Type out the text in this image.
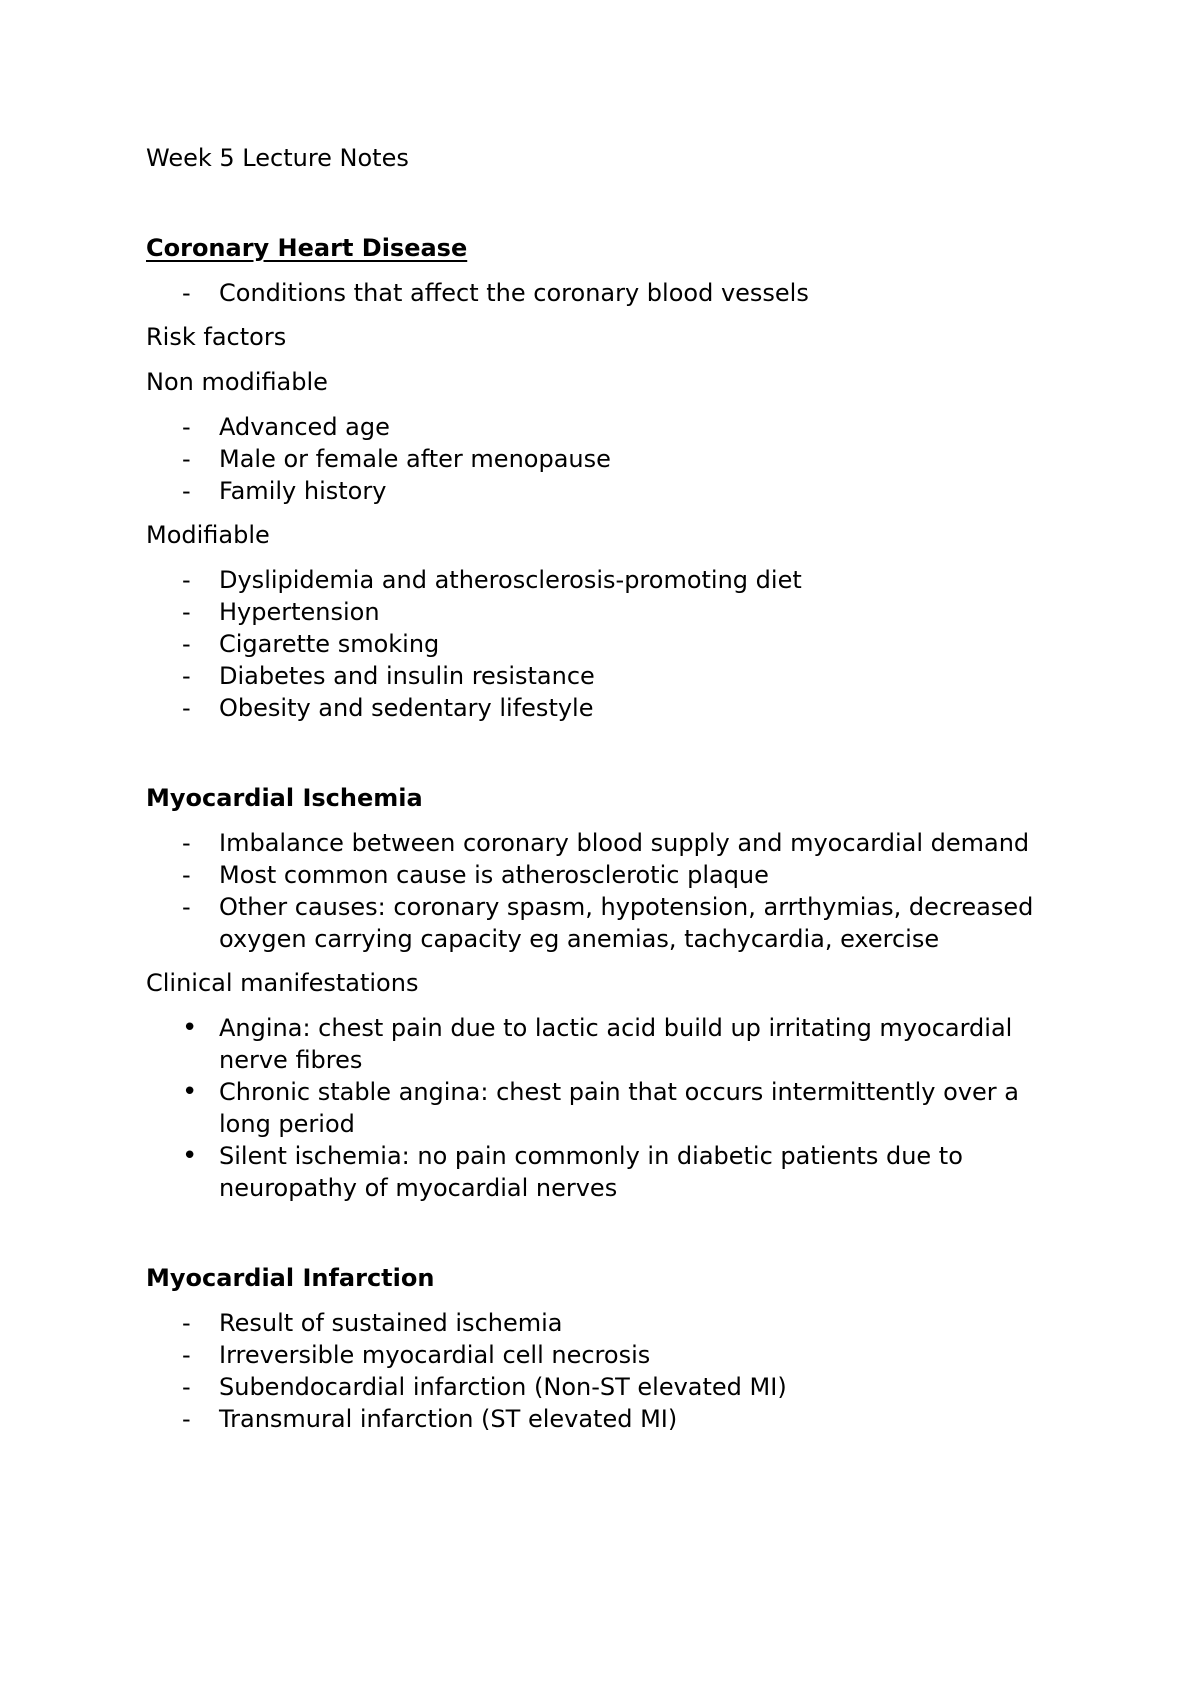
Week 5 Lecture Notes

Coronary Heart Disease

-	Conditions that affect the coronary blood vessels

Risk factors

Non modifiable

-	Advanced age
-	Male or female after menopause
-	Family history

Modifiable

-	Dyslipidemia and atherosclerosis-promoting diet
-	Hypertension
-	Cigarette smoking
-	Diabetes and insulin resistance
-	Obesity and sedentary lifestyle

Myocardial Ischemia

-	Imbalance between coronary blood supply and myocardial demand
-	Most common cause is atherosclerotic plaque
-	Other causes: coronary spasm, hypotension, arrthymias, decreased oxygen carrying capacity eg anemias, tachycardia, exercise

Clinical manifestations

• Angina: chest pain due to lactic acid build up irritating myocardial nerve fibres
• Chronic stable angina: chest pain that occurs intermittently over a long period
• Silent ischemia: no pain commonly in diabetic patients due to neuropathy of myocardial nerves

Myocardial Infarction

-	Result of sustained ischemia
-	Irreversible myocardial cell necrosis
-	Subendocardial infarction (Non-ST elevated MI)
-	Transmural infarction (ST elevated MI)
